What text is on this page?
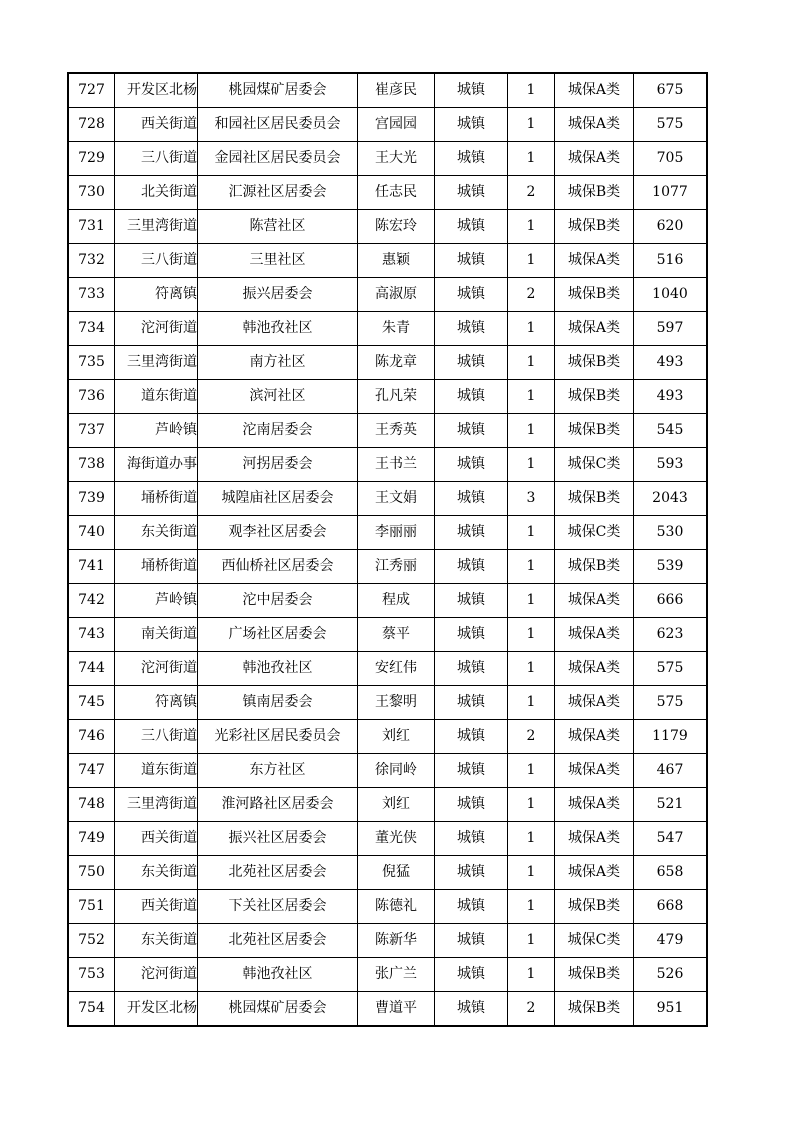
727	开发区北杨	桃园煤矿居委会	崔彦民	城镇	1	城保A类	675
728	西关街道	和园社区居民委员会	宫园园	城镇	1	城保A类	575
729	三八街道	金园社区居民委员会	王大光	城镇	1	城保A类	705
730	北关街道	汇源社区居委会	任志民	城镇	2	城保B类	1077
731	三里湾街道	陈营社区	陈宏玲	城镇	1	城保B类	620
732	三八街道	三里社区	惠颖	城镇	1	城保A类	516
733	符离镇	振兴居委会	高淑原	城镇	2	城保B类	1040
734	沱河街道	韩池孜社区	朱青	城镇	1	城保A类	597
735	三里湾街道	南方社区	陈龙章	城镇	1	城保B类	493
736	道东街道	滨河社区	孔凡荣	城镇	1	城保B类	493
737	芦岭镇	沱南居委会	王秀英	城镇	1	城保B类	545
738	海街道办事	河拐居委会	王书兰	城镇	1	城保C类	593
739	埇桥街道	城隍庙社区居委会	王文娟	城镇	3	城保B类	2043
740	东关街道	观李社区居委会	李丽丽	城镇	1	城保C类	530
741	埇桥街道	西仙桥社区居委会	江秀丽	城镇	1	城保B类	539
742	芦岭镇	沱中居委会	程成	城镇	1	城保A类	666
743	南关街道	广场社区居委会	蔡平	城镇	1	城保A类	623
744	沱河街道	韩池孜社区	安红伟	城镇	1	城保A类	575
745	符离镇	镇南居委会	王黎明	城镇	1	城保A类	575
746	三八街道	光彩社区居民委员会	刘红	城镇	2	城保A类	1179
747	道东街道	东方社区	徐同岭	城镇	1	城保A类	467
748	三里湾街道	淮河路社区居委会	刘红	城镇	1	城保A类	521
749	西关街道	振兴社区居委会	董光侠	城镇	1	城保A类	547
750	东关街道	北苑社区居委会	倪猛	城镇	1	城保A类	658
751	西关街道	下关社区居委会	陈德礼	城镇	1	城保B类	668
752	东关街道	北苑社区居委会	陈新华	城镇	1	城保C类	479
753	沱河街道	韩池孜社区	张广兰	城镇	1	城保B类	526
754	开发区北杨	桃园煤矿居委会	曹道平	城镇	2	城保B类	951
